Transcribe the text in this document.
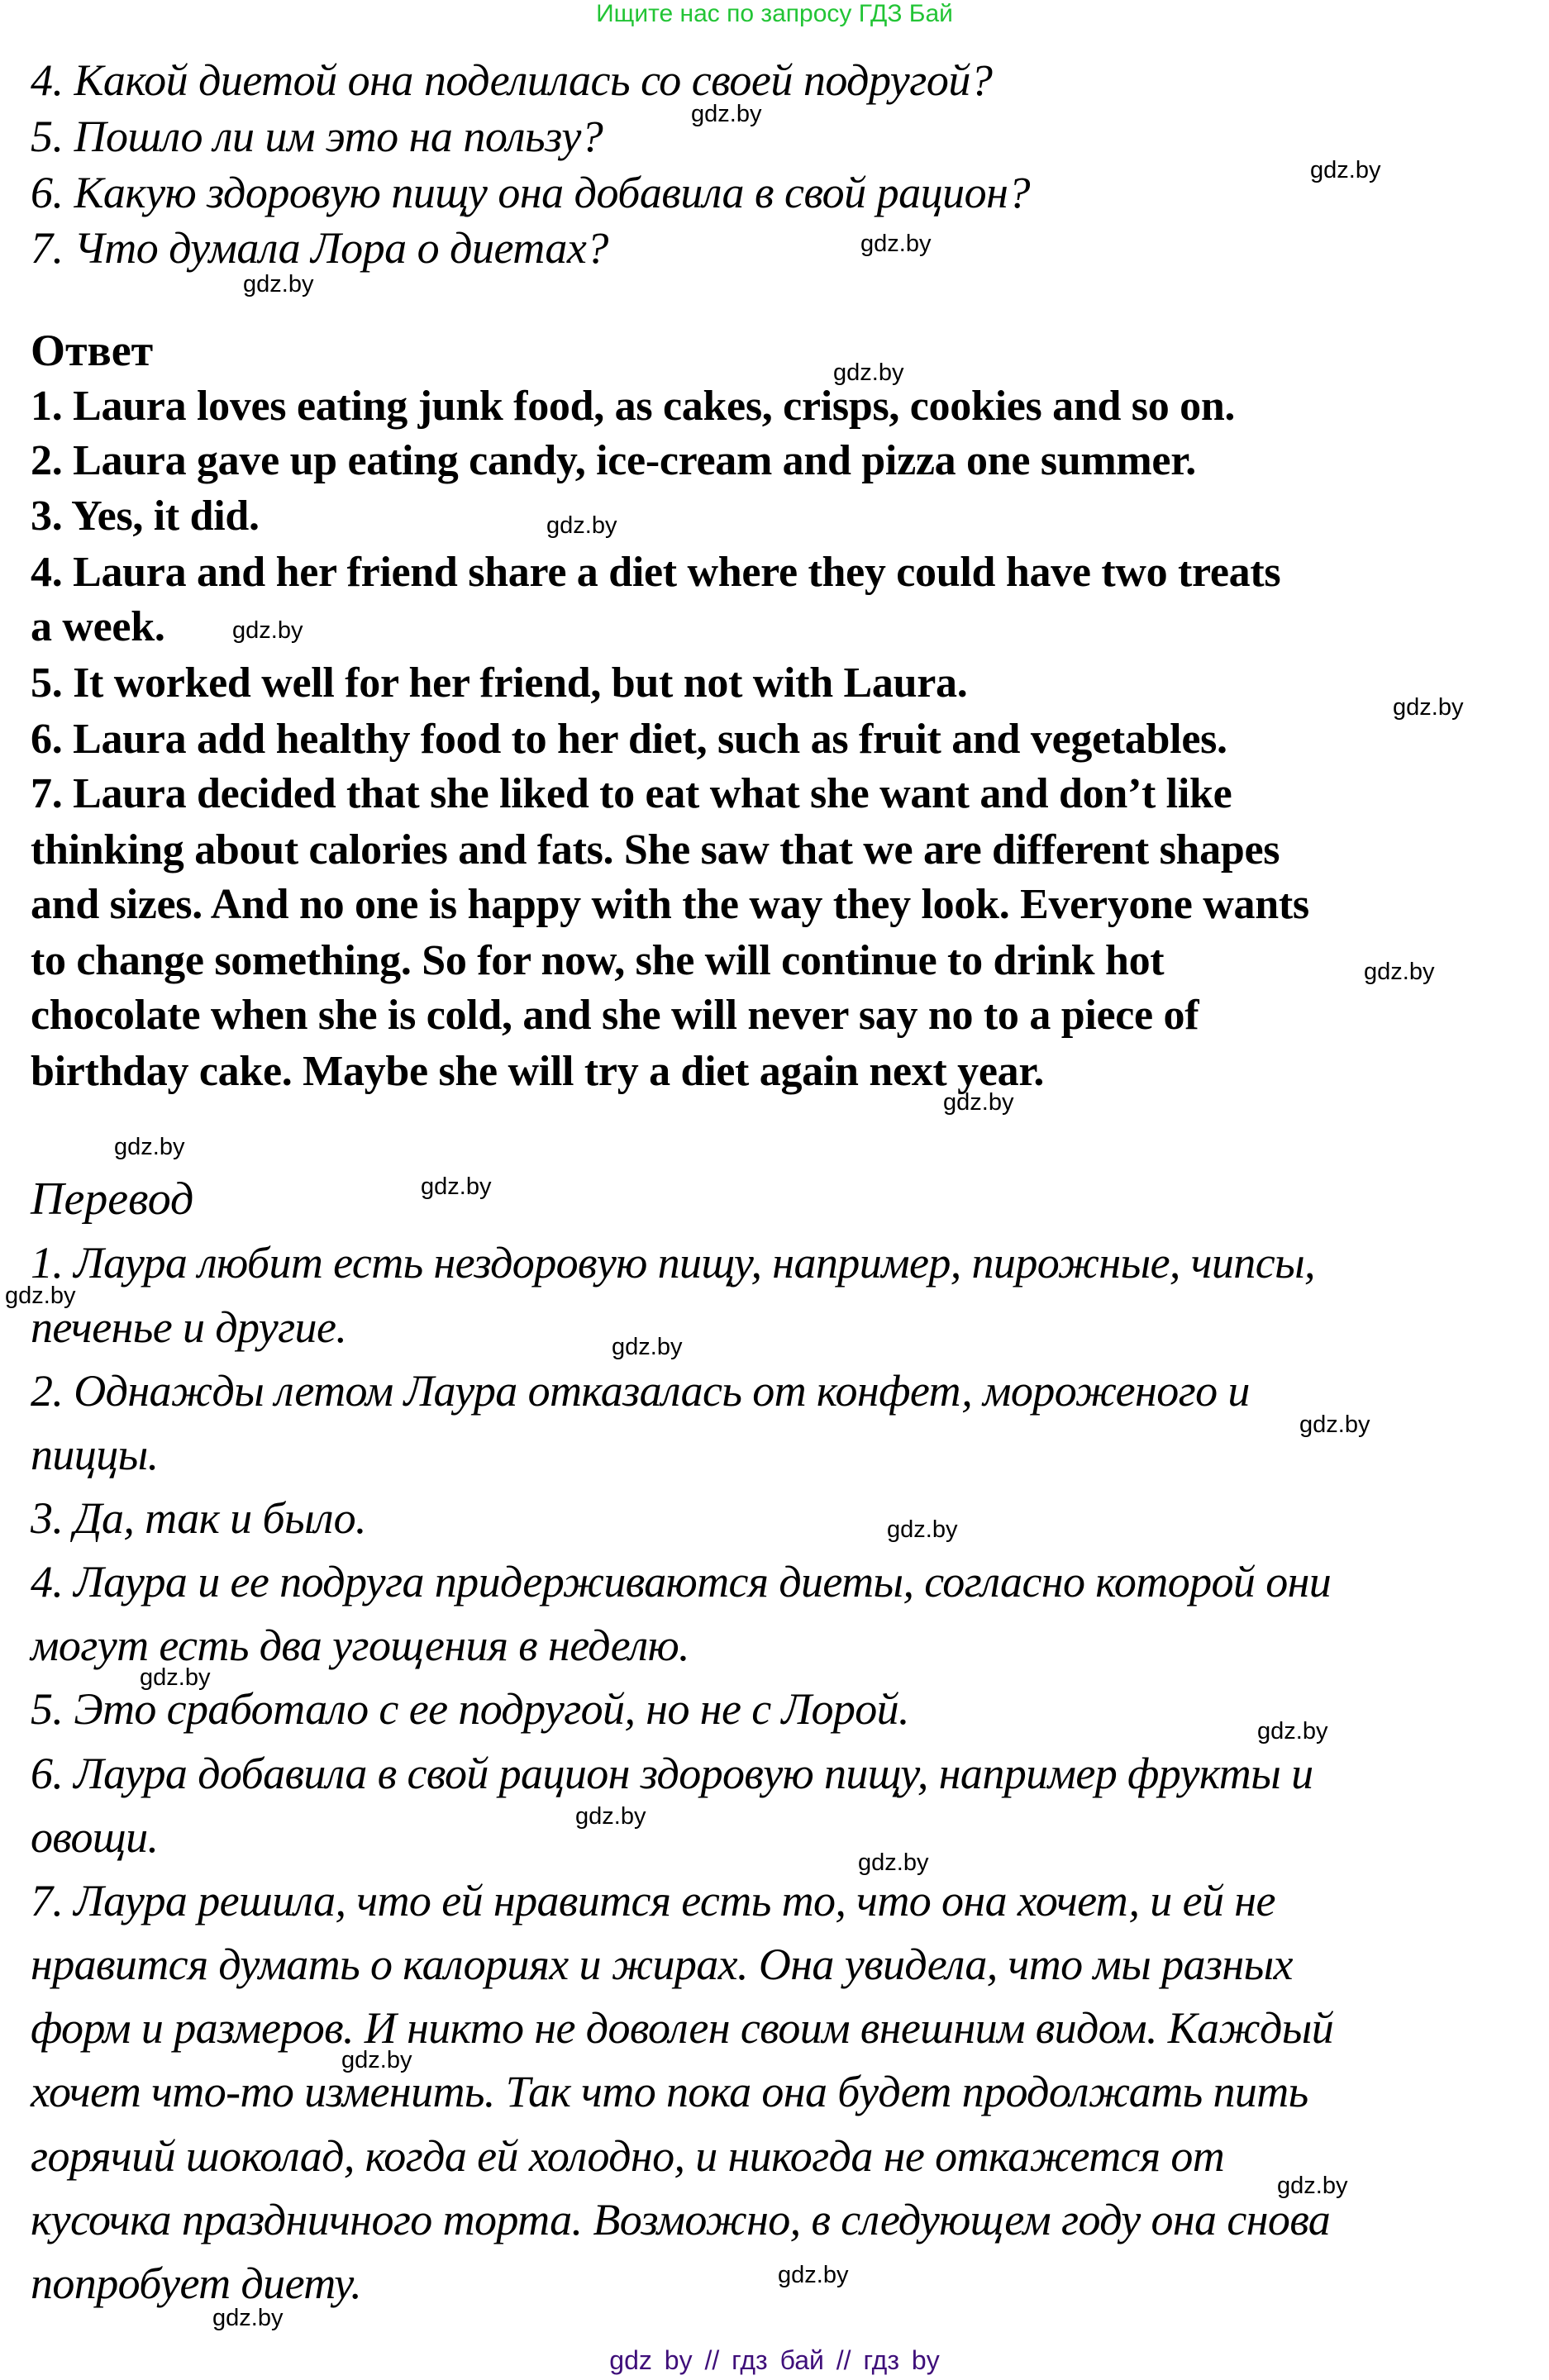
Ищите нас по запросу ГДЗ Бай
4. Какой диетой она поделилась со своей подругой?
5. Пошло ли им это на пользу?
6. Какую здоровую пищу она добавила в свой рацион?
7. Что думала Лора о диетах?
Ответ
1. Laura loves eating junk food, as cakes, crisps, cookies and so on.
2. Laura gave up eating candy, ice-cream and pizza one summer.
3. Yes, it did.
4. Laura and her friend share a diet where they could have two treats
a week.
5. It worked well for her friend, but not with Laura.
6. Laura add healthy food to her diet, such as fruit and vegetables.
7. Laura decided that she liked to eat what she want and don’t like
thinking about calories and fats. She saw that we are different shapes
and sizes. And no one is happy with the way they look. Everyone wants
to change something. So for now, she will continue to drink hot
chocolate when she is cold, and she will never say no to a piece of
birthday cake. Maybe she will try a diet again next year.
Перевод
1. Лаура любит есть нездоровую пищу, например, пирожные, чипсы,
печенье и другие.
2. Однажды летом Лаура отказалась от конфет, мороженого и
пиццы.
3. Да, так и было.
4. Лаура и ее подруга придерживаются диеты, согласно которой они
могут есть два угощения в неделю.
5. Это сработало с ее подругой, но не с Лорой.
6. Лаура добавила в свой рацион здоровую пищу, например фрукты и
овощи.
7. Лаура решила, что ей нравится есть то, что она хочет, и ей не
нравится думать о калориях и жирах. Она увидела, что мы разных
форм и размеров. И никто не доволен своим внешним видом. Каждый
хочет что-то изменить. Так что пока она будет продолжать пить
горячий шоколад, когда ей холодно, и никогда не откажется от
кусочка праздничного торта. Возможно, в следующем году она снова
попробует диету.
gdz.by
gdz.by
gdz.by
gdz.by
gdz.by
gdz.by
gdz.by
gdz.by
gdz.by
gdz.by
gdz.by
gdz.by
gdz.by
gdz.by
gdz.by
gdz.by
gdz.by
gdz.by
gdz.by
gdz.by
gdz.by
gdz.by
gdz.by
gdz.by
gdz by // гдз бай // гдз by
